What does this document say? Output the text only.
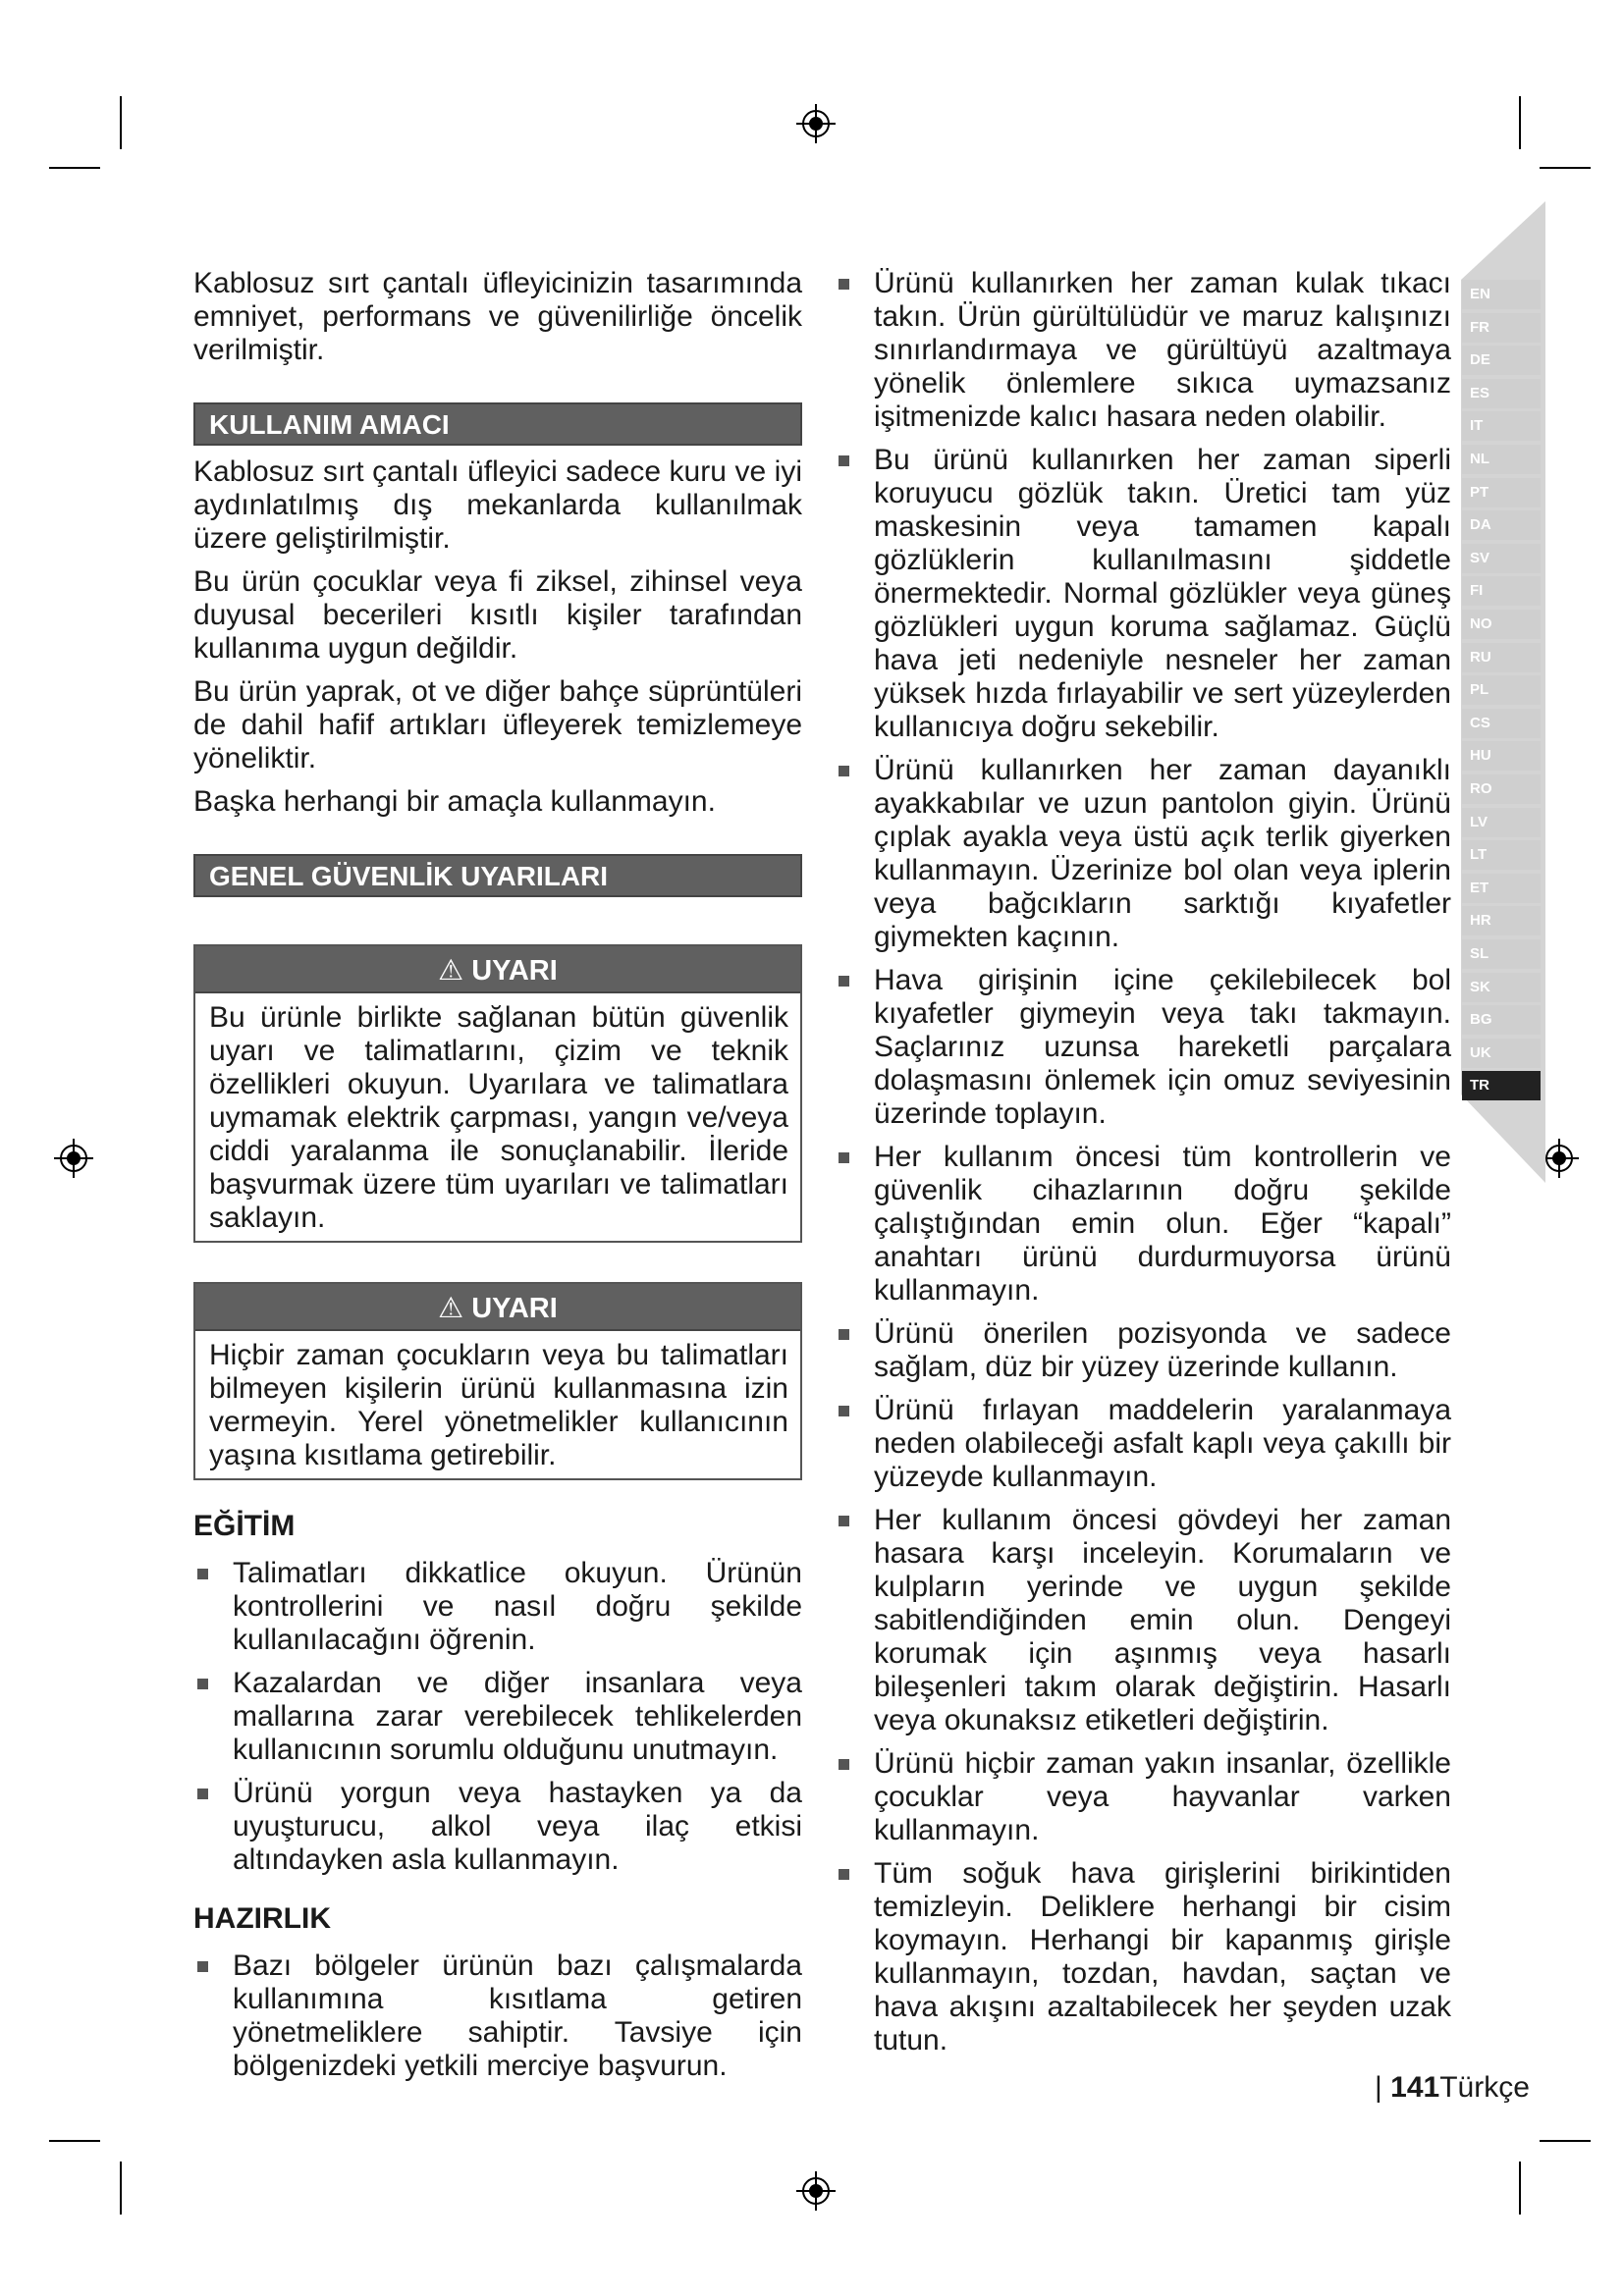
EN
FR
DE
ES
IT
NL
PT
DA
SV
FI
NO
RU
PL
CS
HU
RO
LV
LT
ET
HR
SL
SK
BG
UK
TR

Kablosuz sırt çantalı üfleyicinizin tasarımında emniyet, performans ve güvenilirliğe öncelik verilmiştir.

KULLANIM AMACI

Kablosuz sırt çantalı üfleyici sadece kuru ve iyi aydınlatılmış dış mekanlarda kullanılmak üzere geliştirilmiştir.

Bu ürün çocuklar veya fi ziksel, zihinsel veya duyusal becerileri kısıtlı kişiler tarafından kullanıma uygun değildir.

Bu ürün yaprak, ot ve diğer bahçe süprüntüleri de dahil hafif artıkları üfleyerek temizlemeye yöneliktir.

Başka herhangi bir amaçla kullanmayın.

GENEL GÜVENLİK UYARILARI
⚠︎ UYARI

Bu ürünle birlikte sağlanan bütün güvenlik uyarı ve talimatlarını, çizim ve teknik özellikleri okuyun. Uyarılara ve talimatlara uymamak elektrik çarpması, yangın ve/veya ciddi yaralanma ile sonuçlanabilir. İleride başvurmak üzere tüm uyarıları ve talimatları saklayın.

⚠︎ UYARI

Hiçbir zaman çocukların veya bu talimatları bilmeyen kişilerin ürünü kullanmasına izin vermeyin. Yerel yönetmelikler kullanıcının yaşına kısıtlama getirebilir.

EĞİTİM

Talimatları dikkatlice okuyun. Ürünün kontrollerini ve nasıl doğru şekilde kullanılacağını öğrenin.

Kazalardan ve diğer insanlara veya mallarına zarar verebilecek tehlikelerden kullanıcının sorumlu olduğunu unutmayın.

Ürünü yorgun veya hastayken ya da uyuşturucu, alkol veya ilaç etkisi altındayken asla kullanmayın.

HAZIRLIK

Bazı bölgeler ürünün bazı çalışmalarda kullanımına kısıtlama getiren yönetmeliklere sahiptir. Tavsiye için bölgenizdeki yetkili merciye başvurun.

Ürünü kullanırken her zaman kulak tıkacı takın. Ürün gürültülüdür ve maruz kalışınızı sınırlandırmaya ve gürültüyü azaltmaya yönelik önlemlere sıkıca uymazsanız işitmenizde kalıcı hasara neden olabilir.

Bu ürünü kullanırken her zaman siperli koruyucu gözlük takın. Üretici tam yüz maskesinin veya tamamen kapalı gözlüklerin kullanılmasını şiddetle önermektedir. Normal gözlükler veya güneş gözlükleri uygun koruma sağlamaz. Güçlü hava jeti nedeniyle nesneler her zaman yüksek hızda fırlayabilir ve sert yüzeylerden kullanıcıya doğru sekebilir.

Ürünü kullanırken her zaman dayanıklı ayakkabılar ve uzun pantolon giyin. Ürünü çıplak ayakla veya üstü açık terlik giyerken kullanmayın. Üzerinize bol olan veya iplerin veya bağcıkların sarktığı kıyafetler giymekten kaçının.

Hava girişinin içine çekilebilecek bol kıyafetler giymeyin veya takı takmayın. Saçlarınız uzunsa hareketli parçalara dolaşmasını önlemek için omuz seviyesinin üzerinde toplayın.

Her kullanım öncesi tüm kontrollerin ve güvenlik cihazlarının doğru şekilde çalıştığından emin olun. Eğer “kapalı” anahtarı ürünü durdurmuyorsa ürünü kullanmayın.

Ürünü önerilen pozisyonda ve sadece sağlam, düz bir yüzey üzerinde kullanın.

Ürünü fırlayan maddelerin yaralanmaya neden olabileceği asfalt kaplı veya çakıllı bir yüzeyde kullanmayın.

Her kullanım öncesi gövdeyi her zaman hasara karşı inceleyin. Korumaların ve kulpların yerinde ve uygun şekilde sabitlendiğinden emin olun. Dengeyi korumak için aşınmış veya hasarlı bileşenleri takım olarak değiştirin. Hasarlı veya okunaksız etiketleri değiştirin.

Ürünü hiçbir zaman yakın insanlar, özellikle çocuklar veya hayvanlar varken kullanmayın.

Tüm soğuk hava girişlerini birikintiden temizleyin. Deliklere herhangi bir cisim koymayın. Herhangi bir kapanmış girişle kullanmayın, tozdan, havdan, saçtan ve hava akışını azaltabilecek her şeyden uzak tutun.

| 141Türkçe
